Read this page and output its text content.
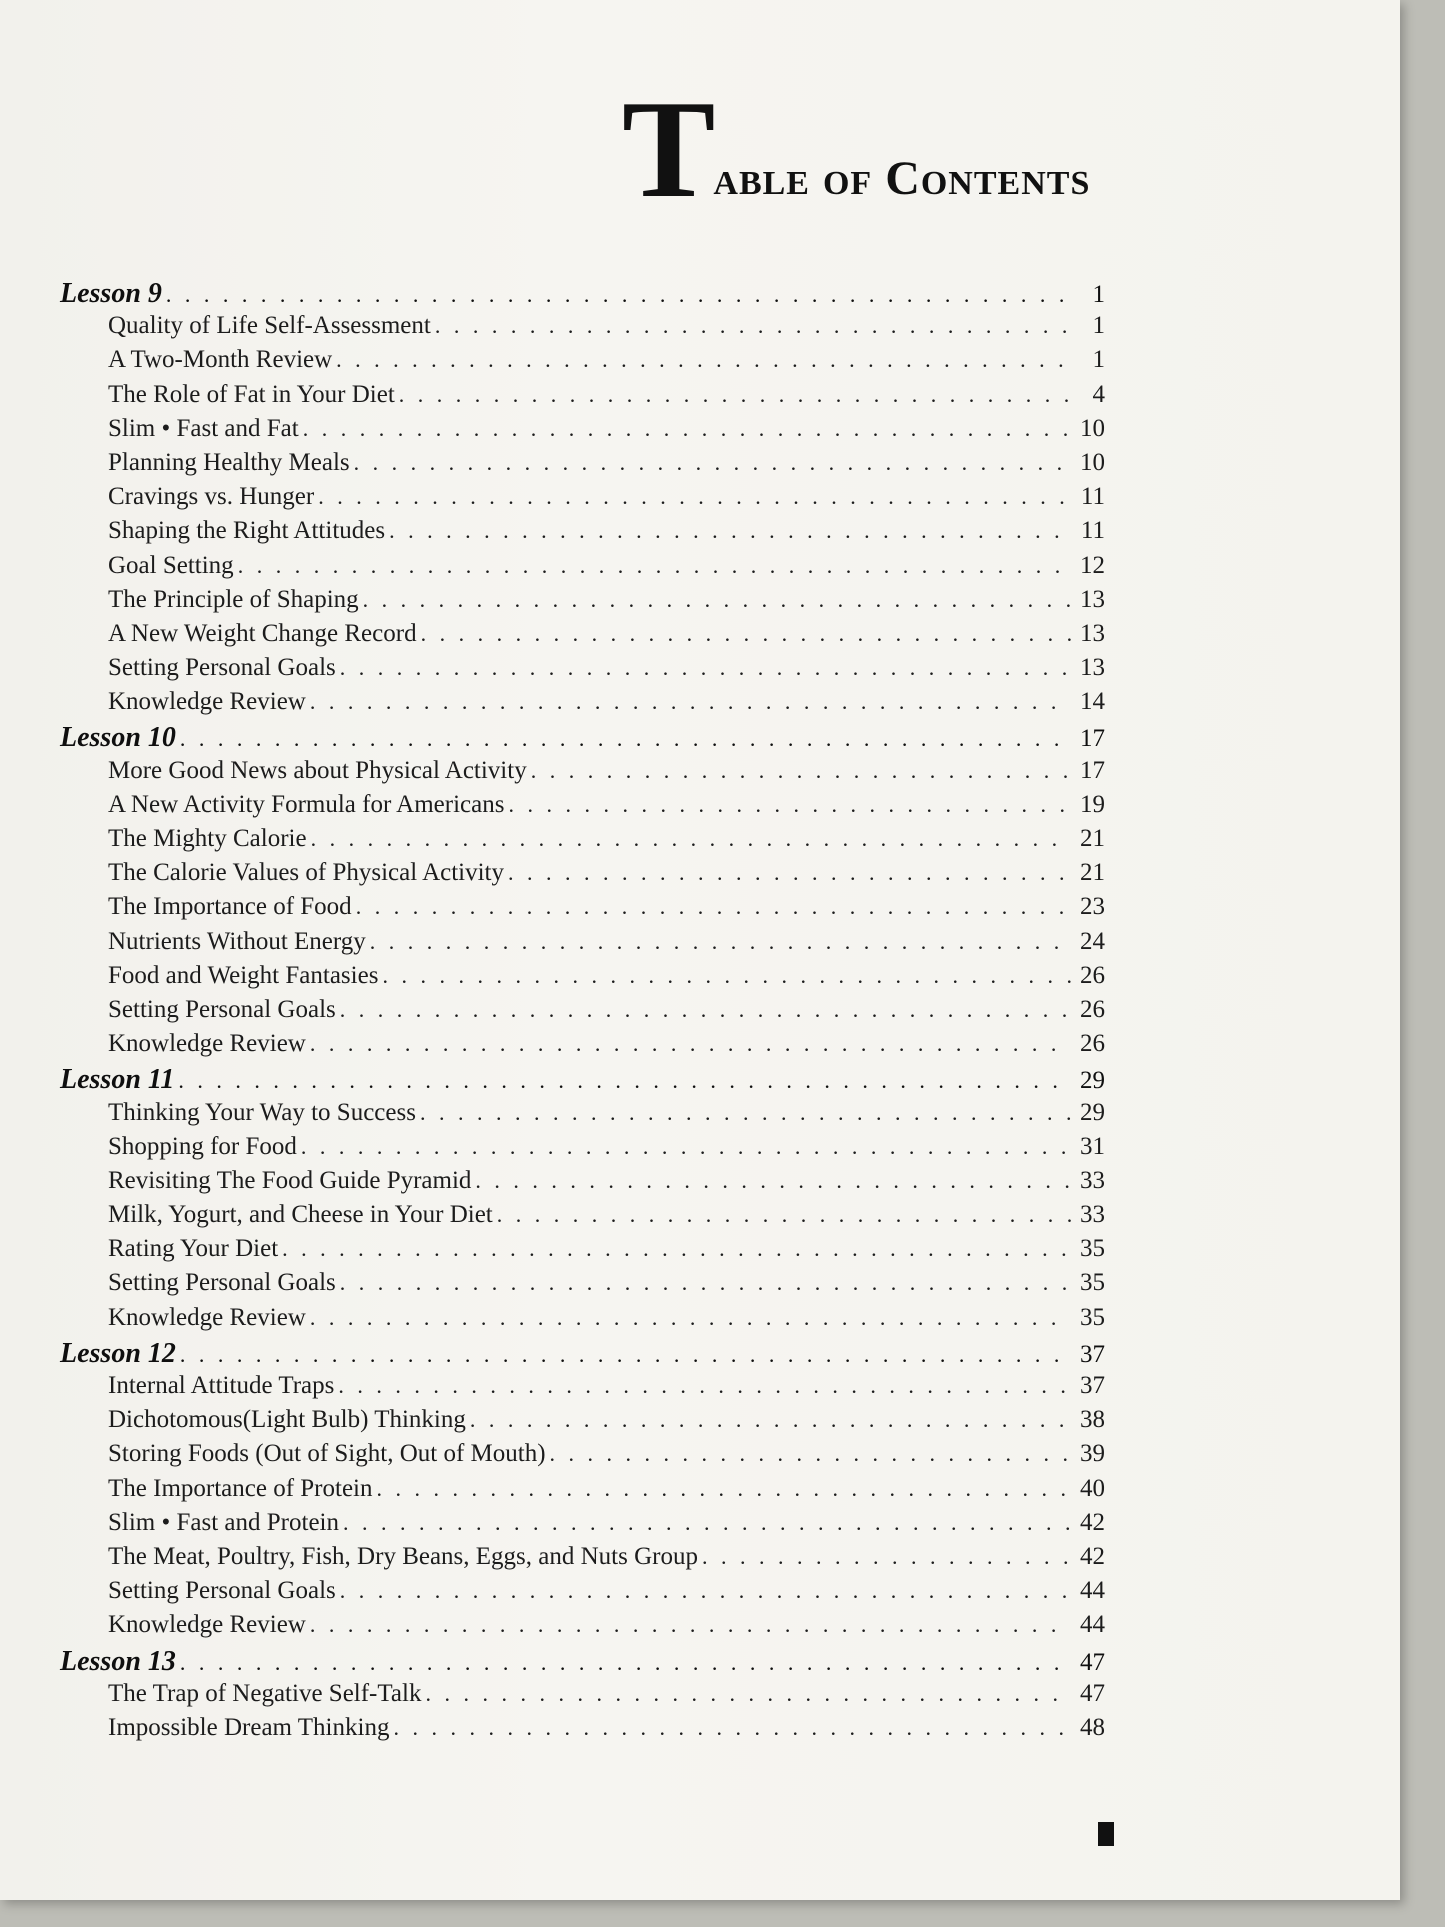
Table of Contents
Lesson 9 . . .	1
Quality of Life Self-Assessment . . .	1
A Two-Month Review . . .	1
The Role of Fat in Your Diet . . .	4
Slim • Fast and Fat . . .	10
Planning Healthy Meals . . .	10
Cravings vs. Hunger . . .	11
Shaping the Right Attitudes . . .	11
Goal Setting . . .	12
The Principle of Shaping . . .	13
A New Weight Change Record . . .	13
Setting Personal Goals . . .	13
Knowledge Review . . .	14
Lesson 10 . . .	17
More Good News about Physical Activity . . .	17
A New Activity Formula for Americans . . .	19
The Mighty Calorie . . .	21
The Calorie Values of Physical Activity . . .	21
The Importance of Food . . .	23
Nutrients Without Energy . . .	24
Food and Weight Fantasies . . .	26
Setting Personal Goals . . .	26
Knowledge Review . . .	26
Lesson 11 . . .	29
Thinking Your Way to Success . . .	29
Shopping for Food . . .	31
Revisiting The Food Guide Pyramid . . .	33
Milk, Yogurt, and Cheese in Your Diet . . .	33
Rating Your Diet . . .	35
Setting Personal Goals . . .	35
Knowledge Review . . .	35
Lesson 12 . . .	37
Internal Attitude Traps . . .	37
Dichotomous(Light Bulb) Thinking . . .	38
Storing Foods (Out of Sight, Out of Mouth) . . .	39
The Importance of Protein . . .	40
Slim • Fast and Protein . . .	42
The Meat, Poultry, Fish, Dry Beans, Eggs, and Nuts Group . . .	42
Setting Personal Goals . . .	44
Knowledge Review . . .	44
Lesson 13 . . .	47
The Trap of Negative Self-Talk . . .	47
Impossible Dream Thinking . . .	48
